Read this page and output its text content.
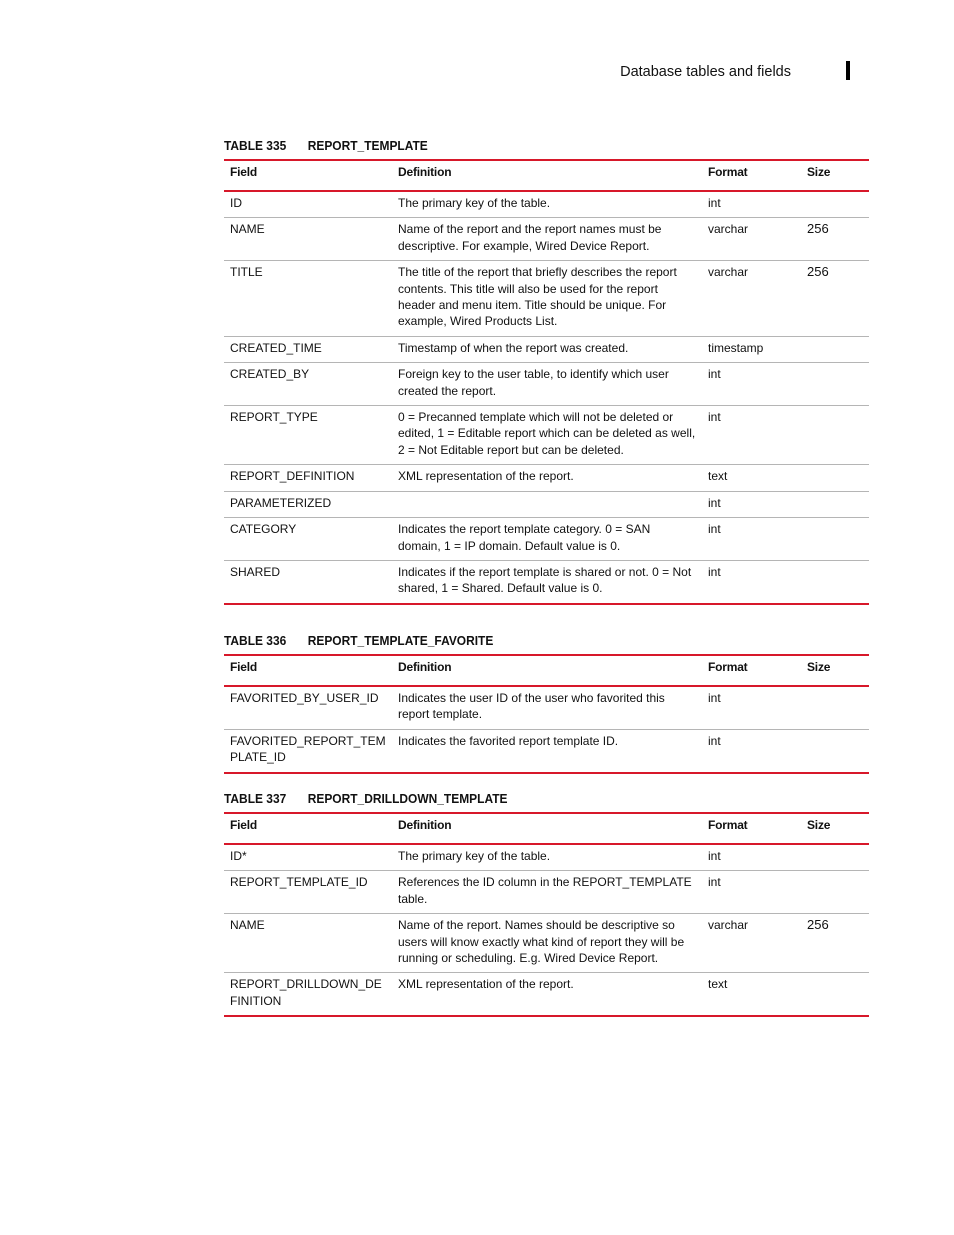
Database tables and fields
TABLE 335 REPORT_TEMPLATE
Field	Definition	Format	Size
ID	The primary key of the table.	int	
NAME	Name of the report and the report names must be descriptive. For example, Wired Device Report.	varchar	256
TITLE	The title of the report that briefly describes the report contents. This title will also be used for the report header and menu item. Title should be unique. For example, Wired Products List.	varchar	256
CREATED_TIME	Timestamp of when the report was created.	timestamp	
CREATED_BY	Foreign key to the user table, to identify which user created the report.	int	
REPORT_TYPE	0 = Precanned template which will not be deleted or edited, 1 = Editable report which can be deleted as well, 2 = Not Editable report but can be deleted.	int	
REPORT_DEFINITION	XML representation of the report.	text	
PARAMETERIZED		int	
CATEGORY	Indicates the report template category. 0 = SAN domain, 1 = IP domain. Default value is 0.	int	
SHARED	Indicates if the report template is shared or not. 0 = Not shared, 1 = Shared. Default value is 0.	int	
TABLE 336 REPORT_TEMPLATE_FAVORITE
Field	Definition	Format	Size
FAVORITED_BY_USER_ID	Indicates the user ID of the user who favorited this report template.	int	
FAVORITED_REPORT_TEMPLATE_ID	Indicates the favorited report template ID.	int	
TABLE 337 REPORT_DRILLDOWN_TEMPLATE
Field	Definition	Format	Size
ID*	The primary key of the table.	int	
REPORT_TEMPLATE_ID	References the ID column in the REPORT_TEMPLATE table.	int	
NAME	Name of the report. Names should be descriptive so users will know exactly what kind of report they will be running or scheduling. E.g. Wired Device Report.	varchar	256
REPORT_DRILLDOWN_DEFINITION	XML representation of the report.	text	
